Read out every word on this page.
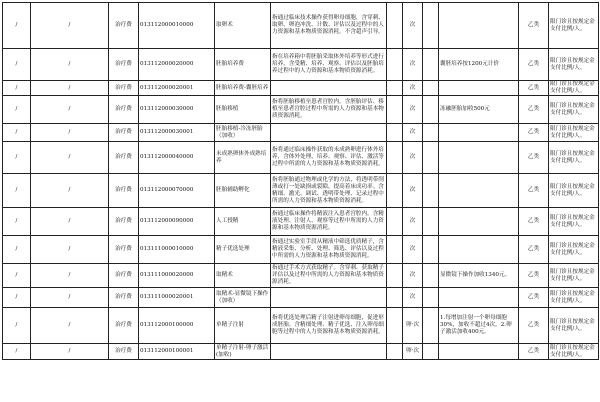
/	/	治疗费	013112000010000	取卵术	指通过临床技术操作获得卵母细胞，含穿刺、取卵、卵泡冲洗、计数、评估以及过程中的人力资源和基本物质资源消耗。不含超声引导。		次			乙类	限门诊且按规定金支付比例/人。
/	/	治疗费	013112000020000	胚胎培养费	指在培养箱中将胚胎采取体外培养等形式进行培养，含受精、培养、观察、评估以及胚胎培养过程中的人力资源和基本物质资源消耗。		次		囊胚培养按1200元计价	乙类	限门诊且按规定金支付比例/人。
/	/	治疗费	013112000020001	胚胎培养费-囊胚培养			次			乙类	限门诊且按规定金支付比例/人。
/	/	治疗费	013112000030000	胚胎移植	指将胚胎移植至患者宫腔内。含胚胎评估、移植至患者宫腔过程中所需的人力资源和基本物质资源消耗。		次		冻融胚胎加收500元	乙类	限门诊且按规定金支付比例/人。
/	/	治疗费	013112000030001	胚胎移植-冷冻胚胎（加收）			次			乙类	限门诊且按规定金支付比例/人。
/	/	治疗费	013112000040000	未成熟卵体外成熟培养	指将通过临床操作获取的未成熟卵进行体外培养，含体外处理、培养、观察、评估、激活等过程中所需的人力资源和基本物质资源消耗。		次			乙类	限门诊且按规定金支付比例/人。
/	/	治疗费	013112000070000	胚胎辅助孵化	指将胚胎通过物理或化学的方法，将透明带削薄或打一处缺损或裂隙，提高着床成功率。含精细、激光、调试、透明带处理、记录过程中所需的人力资源和基本物质资源消耗。		次			乙类	限门诊且按规定金支付比例/人。
/	/	治疗费	013112000090000	人工授精	指通过临床操作将精液注入患者宫腔内。含精液处理、注射人、观察等过程中所需的人力资源和基本物质资源消耗。		次			乙类	限门诊且按规定金支付比例/人。
/	/	治疗费	013111000010000	精子优选处理	指通过实验室手段从精液中筛选优质精子，含精液采集、分析、处理、筛选、评估以及过程中所需的人力资源和基本物质资源消耗。		次			乙类	限门诊且按规定金支付比例/人。
/	/	治疗费	013111000020000	取精术	指通过手术方式获取精子。含穿刺、获取精子评估以及过程中所需的人力资源和基本物质资源消耗。		次		显微镜下操作加收1340元。	乙类	限门诊且按规定金支付比例/人。
/	/	治疗费	013111000020001	取精术-显微镜下操作（加收）			次			乙类	限门诊且按规定金支付比例/人。
/	/	治疗费	013112000100000	单精子注射	指将优选处理后精子注射进卵母细胞，促进形成胚胎。含精细处理、精子优选、注入卵母细胞等过程中的人力资源和基本物质资源消耗。		卵·次		1.每增加注射一个卵母细胞30%，加收不超过4次。2.卵子激活加收400元。	乙类	限门诊且按规定金支付比例/人。
/	/	治疗费	013112000100001	单精子注射-卵子激活(加收)			卵·次			乙类	限门诊且按规定金支付比例/人。
